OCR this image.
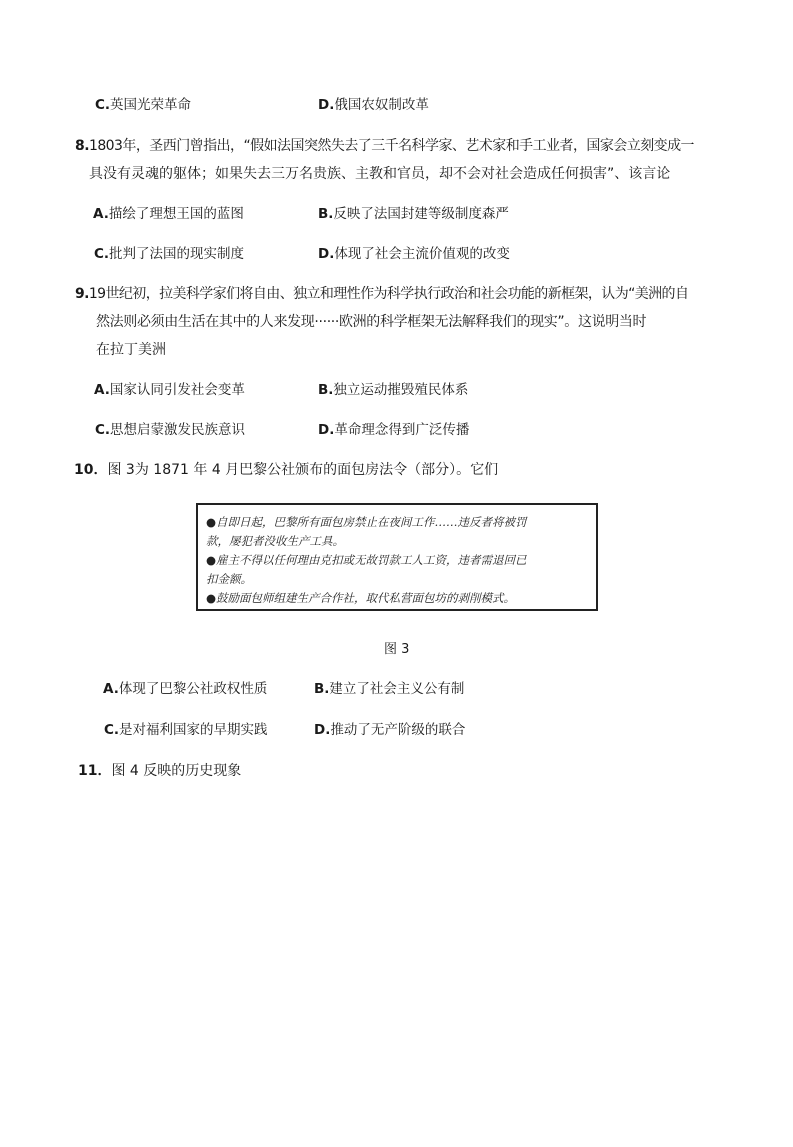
C.英国光荣革命	D.俄国农奴制改革
8.1803年，圣西门曾指出，“假如法国突然失去了三千名科学家、艺术家和手工业者，国家会立刻变成一
具没有灵魂的躯体；如果失去三万名贵族、主教和官员，却不会对社会造成任何损害”、该言论
A.描绘了理想王国的蓝图	B.反映了法国封建等级制度森严
C.批判了法国的现实制度	D.体现了社会主流价值观的改变
9.19世纪初，拉美科学家们将自由、独立和理性作为科学执行政治和社会功能的新框架，认为“美洲的自
然法则必须由生活在其中的人来发现······欧洲的科学框架无法解释我们的现实”。这说明当时
在拉丁美洲
A.国家认同引发社会变革	B.独立运动摧毁殖民体系
C.思想启蒙激发民族意识	D.革命理念得到广泛传播
10．图 3为 1871 年 4 月巴黎公社颁布的面包房法令（部分）。它们
●自即日起，巴黎所有面包房禁止在夜间工作……违反者将被罚
款，屡犯者没收生产工具。
●雇主不得以任何理由克扣或无故罚款工人工资，违者需退回已
扣金额。
●鼓励面包师组建生产合作社，取代私营面包坊的剥削模式。
图 3
A.体现了巴黎公社政权性质	B.建立了社会主义公有制
C.是对福利国家的早期实践	D.推动了无产阶级的联合
11．图 4 反映的历史现象
